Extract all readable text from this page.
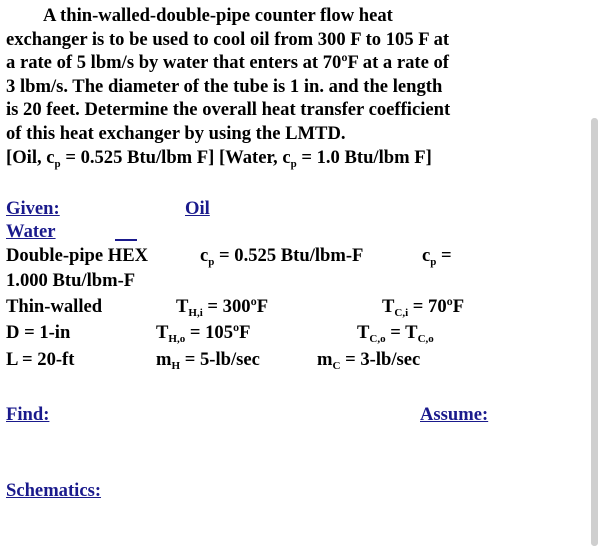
A thin-walled-double-pipe counter flow heat
exchanger is to be used to cool oil from 300 F to 105 F at
a rate of 5 lbm/s by water that enters at 70ºF at a rate of
3 lbm/s. The diameter of the tube is 1 in. and the length
is 20 feet. Determine the overall heat transfer coefficient
of this heat exchanger by using the LMTD.
[Oil, $c_p = 0.525$ Btu/lbm F] [Water, $c_p = 1.0$ Btu/lbm F]
Given:	Oil
Water
Double-pipe HEX	$c_p = 0.525$ Btu/lbm-F	$c_p$ =
1.000 Btu/lbm-F
Thin-walled	$T_{H,i}$ = 300ºF	$T_{C,i}$ = 70ºF
D = 1-in	$T_{H,o}$ = 105ºF	$T_{C,o} = T_{C,o}$
L = 20-ft	$m_H = 5-lb/\sec$	$m_C = 3-lb/\sec$
Find:	Assume:
Schematics:
